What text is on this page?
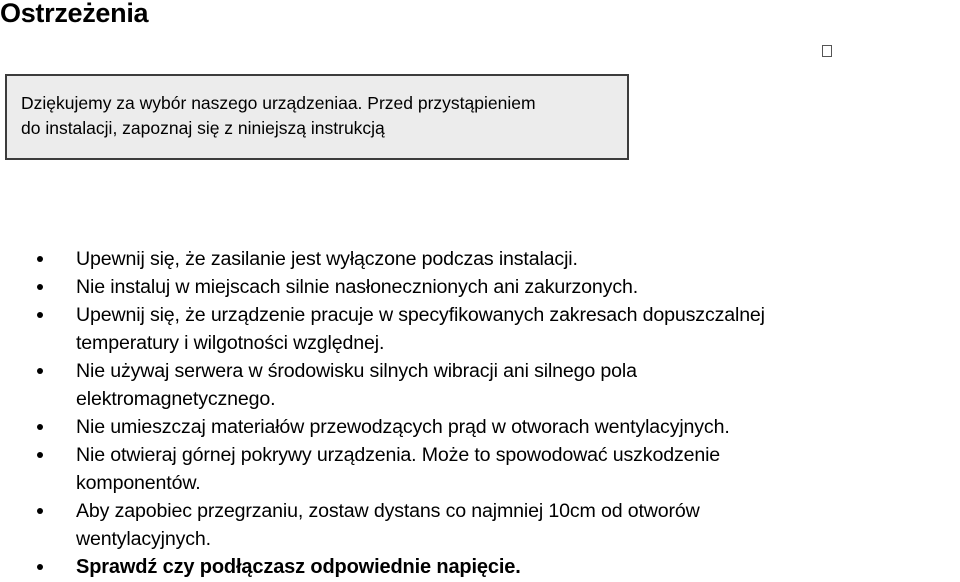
Ostrzeżenia
Dziękujemy za wybór naszego urządzeniaa. Przed przystąpieniem
do instalacji, zapoznaj się z niniejszą instrukcją
Upewnij się, że zasilanie jest wyłączone podczas instalacji.
Nie instaluj w miejscach silnie nasłonecznionych ani zakurzonych.
Upewnij się, że urządzenie pracuje w specyfikowanych zakresach dopuszczalnej
temperatury i wilgotności względnej.
Nie używaj serwera w środowisku silnych wibracji ani silnego pola
elektromagnetycznego.
Nie umieszczaj materiałów przewodzących prąd w otworach wentylacyjnych.
Nie otwieraj górnej pokrywy urządzenia. Może to spowodować uszkodzenie
komponentów.
Aby zapobiec przegrzaniu, zostaw dystans co najmniej 10cm od otworów
wentylacyjnych.
Sprawdź czy podłączasz odpowiednie napięcie.
